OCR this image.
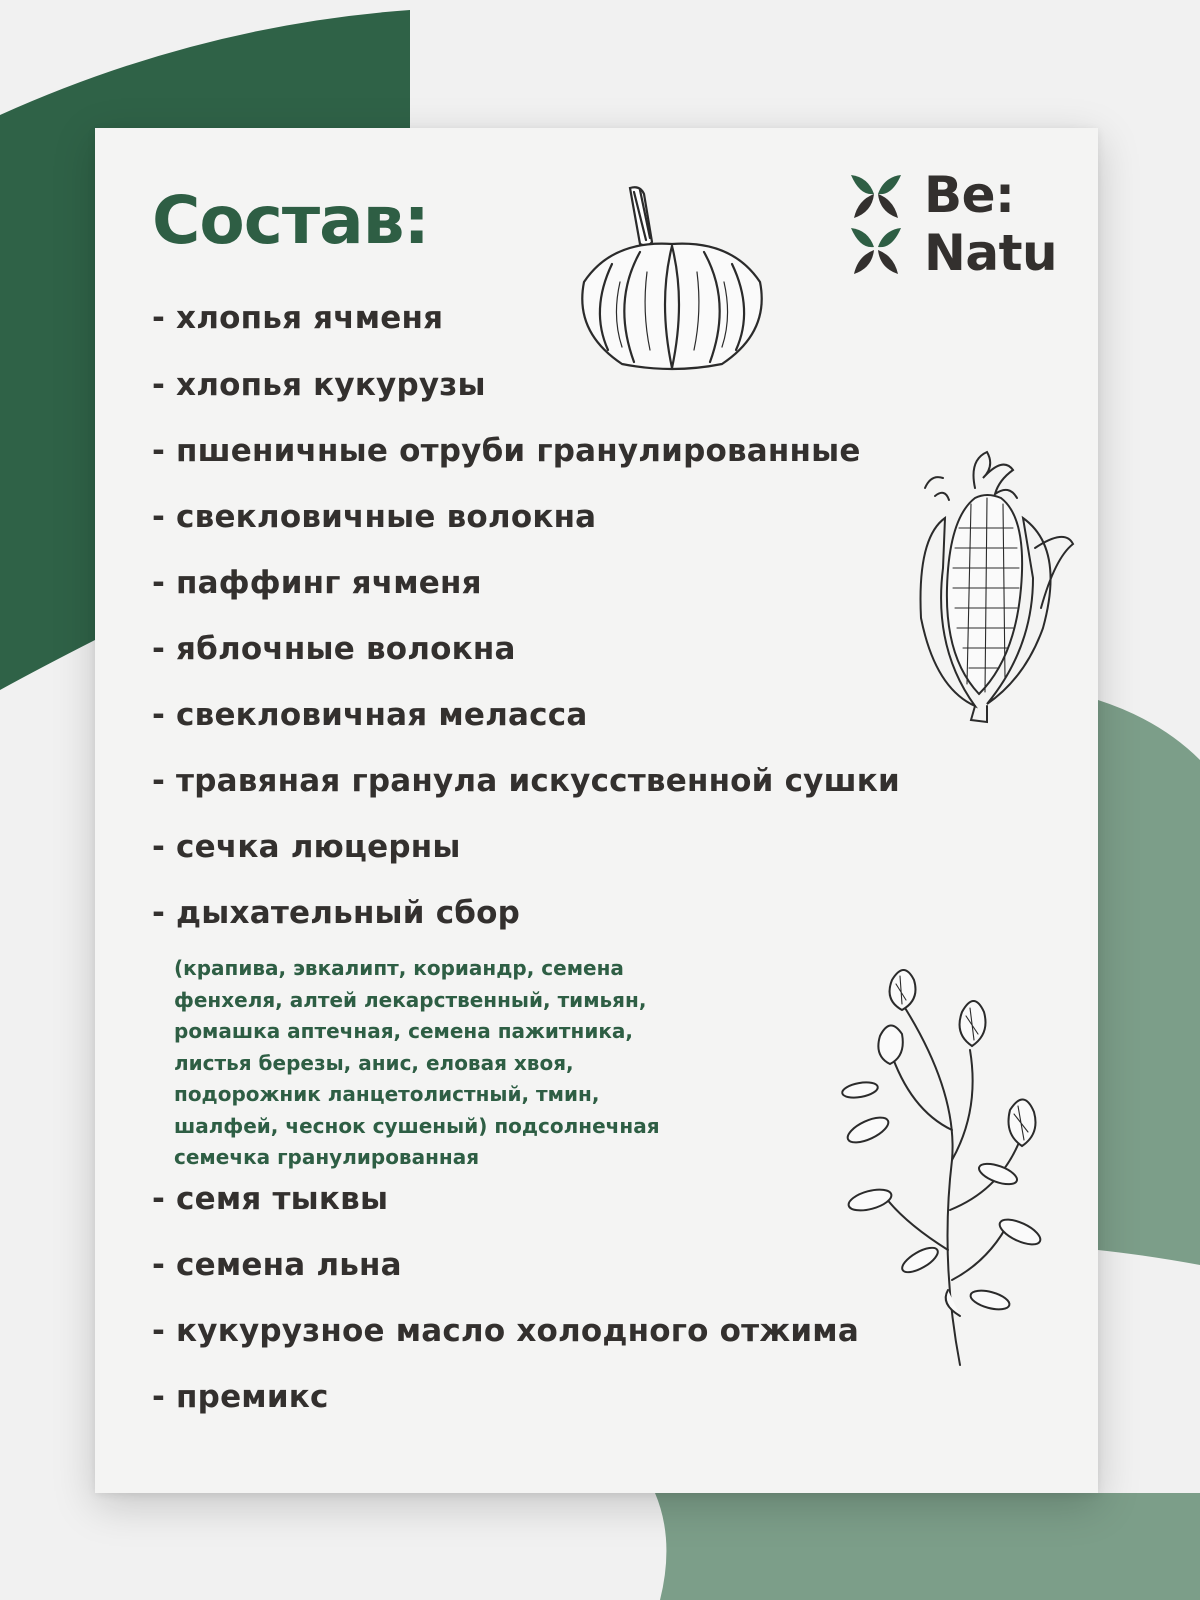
Состав:	Be:
Natu
- хлопья ячменя
- хлопья кукурузы
- пшеничные отруби гранулированные
- свекловичные волокна
- паффинг ячменя
- яблочные волокна
- свекловичная меласса
- травяная гранула искусственной сушки
- сечка люцерны
- дыхательный сбор
- семя тыквы
- семена льна
- кукурузное масло холодного отжима
- премикс
(крапива, эвкалипт, кориандр, семена фенхеля, алтей лекарственный, тимьян, ромашка аптечная, семена пажитника, листья березы, анис, еловая хвоя, подорожник ланцетолистный, тмин, шалфей, чеснок сушеный) подсолнечная семечка гранулированная
